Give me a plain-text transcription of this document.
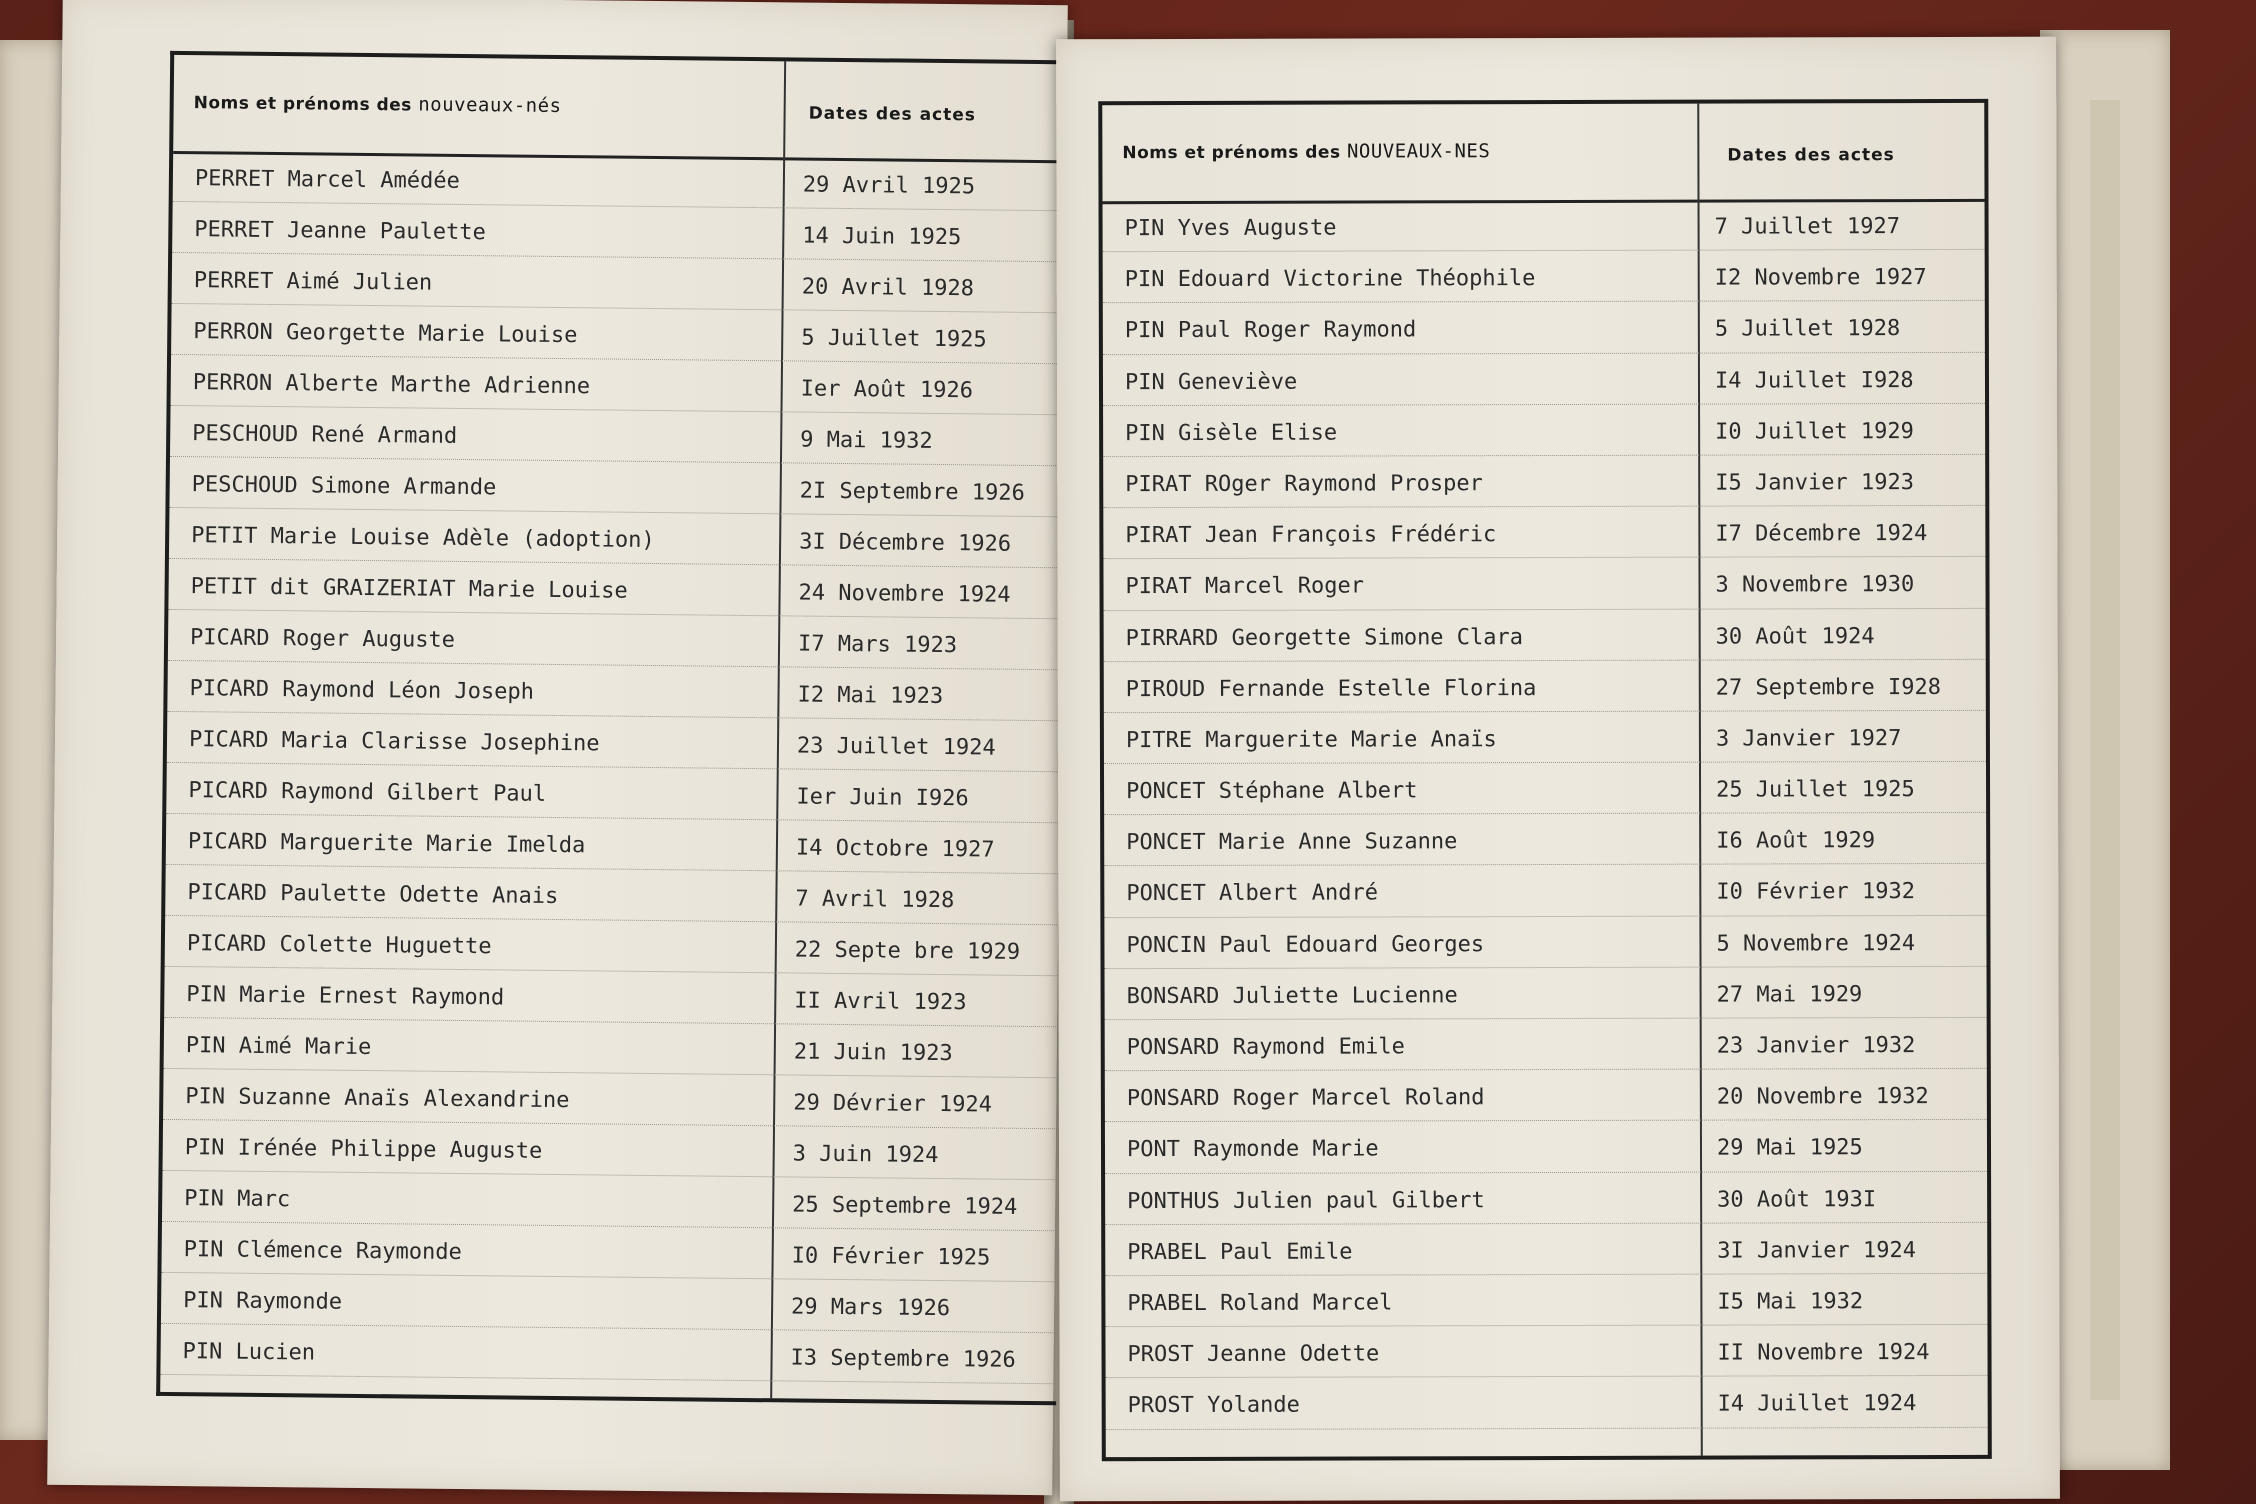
Noms et prénoms des nouveaux-nés	Dates des actes
PERRET Marcel Amédée	29 Avril 1925
PERRET Jeanne Paulette	14 Juin 1925
PERRET Aimé Julien	20 Avril 1928
PERRON Georgette Marie Louise	5 Juillet 1925
PERRON Alberte Marthe Adrienne	Ier Août 1926
PESCHOUD René Armand	9 Mai 1932
PESCHOUD Simone Armande	2I Septembre 1926
PETIT Marie Louise Adèle (adoption)	3I Décembre 1926
PETIT dit GRAIZERIAT Marie Louise	24 Novembre 1924
PICARD Roger Auguste	I7 Mars 1923
PICARD Raymond Léon Joseph	I2 Mai 1923
PICARD Maria Clarisse Josephine	23 Juillet 1924
PICARD Raymond Gilbert Paul	Ier Juin I926
PICARD Marguerite Marie Imelda	I4 Octobre 1927
PICARD Paulette Odette Anais	7 Avril 1928
PICARD Colette Huguette	22 Septe bre 1929
PIN Marie Ernest Raymond	II Avril 1923
PIN Aimé Marie	21 Juin 1923
PIN Suzanne Anaïs Alexandrine	29 Dévrier 1924
PIN Irénée Philippe Auguste	3 Juin 1924
PIN Marc	25 Septembre 1924
PIN Clémence Raymonde	I0 Février 1925
PIN Raymonde	29 Mars 1926
PIN Lucien	I3 Septembre 1926
Noms et prénoms des NOUVEAUX-NES	Dates des actes
PIN Yves Auguste	7 Juillet 1927
PIN Edouard Victorine Théophile	I2 Novembre 1927
PIN Paul Roger Raymond	5 Juillet 1928
PIN Geneviève	I4 Juillet I928
PIN Gisèle Elise	I0 Juillet 1929
PIRAT ROger Raymond Prosper	I5 Janvier 1923
PIRAT Jean François Frédéric	I7 Décembre 1924
PIRAT Marcel Roger	3 Novembre 1930
PIRRARD Georgette Simone Clara	30 Août 1924
PIROUD Fernande Estelle Florina	27 Septembre I928
PITRE Marguerite Marie Anaïs	3 Janvier 1927
PONCET Stéphane Albert	25 Juillet 1925
PONCET Marie Anne Suzanne	I6 Août 1929
PONCET Albert André	I0 Février 1932
PONCIN Paul Edouard Georges	5 Novembre 1924
BONSARD Juliette Lucienne	27 Mai 1929
PONSARD Raymond Emile	23 Janvier 1932
PONSARD Roger Marcel Roland	20 Novembre 1932
PONT Raymonde Marie	29 Mai 1925
PONTHUS Julien paul Gilbert	30 Août 193I
PRABEL Paul Emile	3I Janvier 1924
PRABEL Roland Marcel	I5 Mai 1932
PROST Jeanne Odette	II Novembre 1924
PROST Yolande	I4 Juillet 1924
